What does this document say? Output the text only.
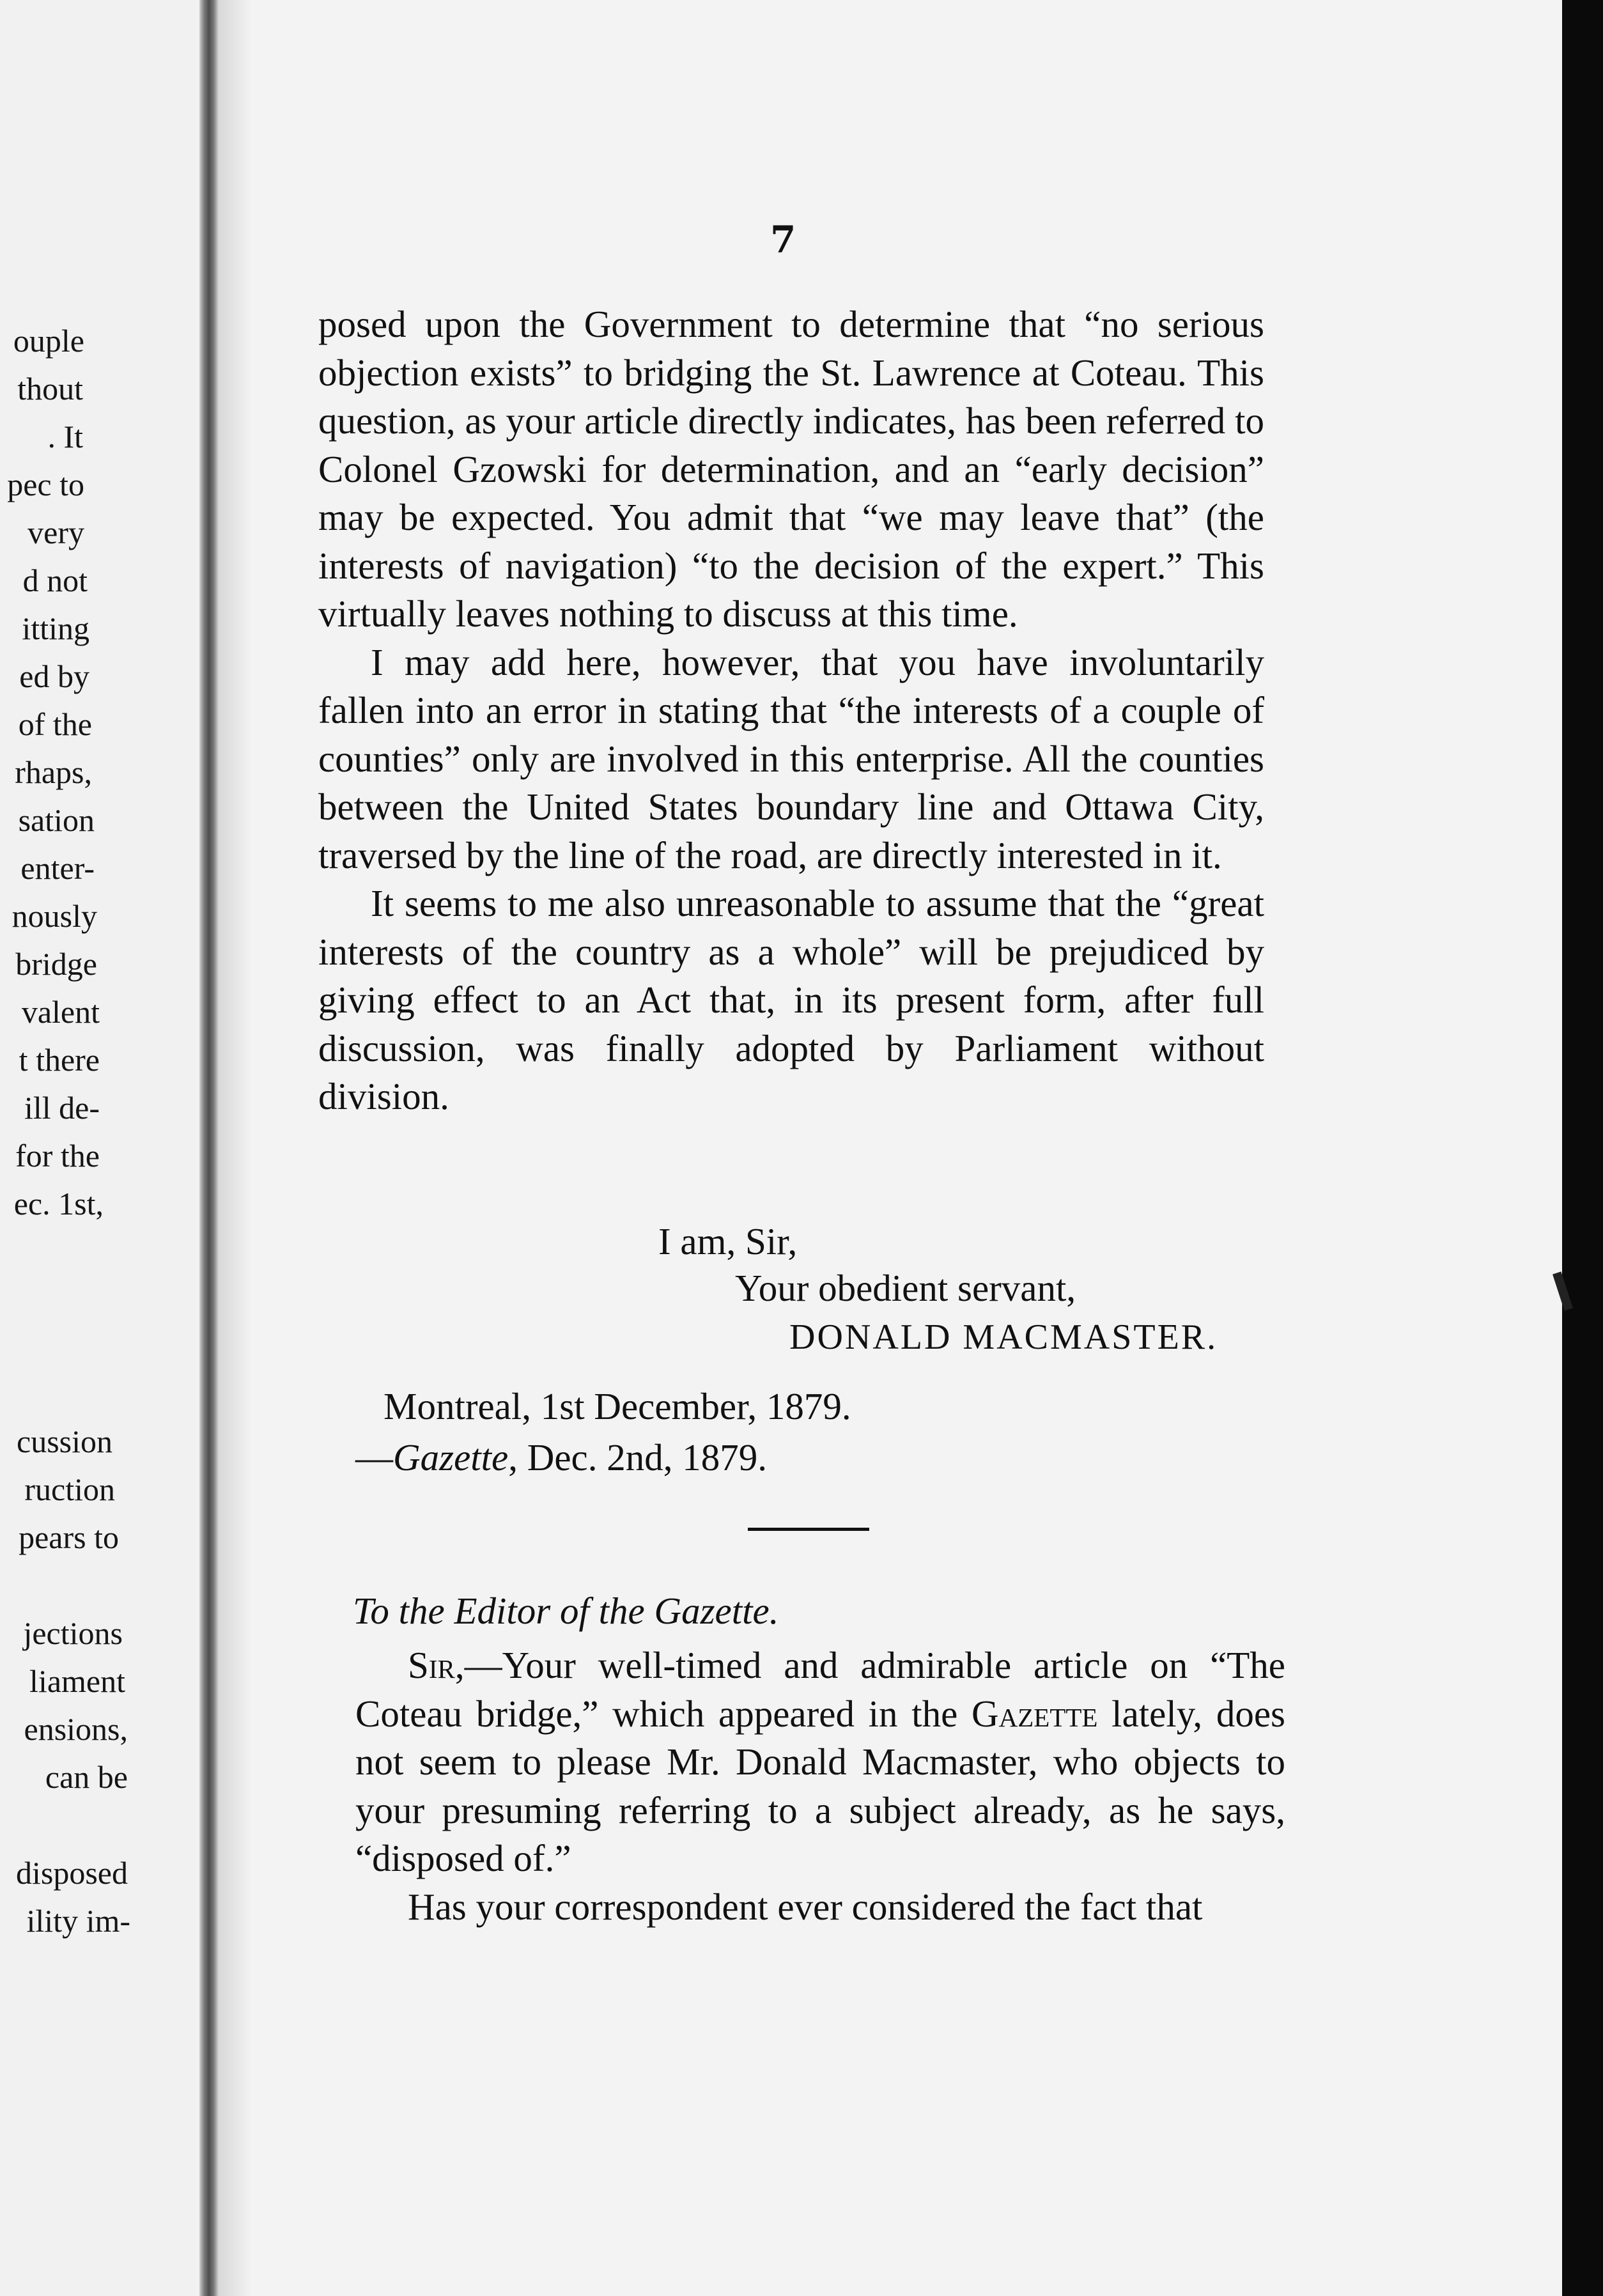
ouple
thout
. It
pec to
very
d not
itting
ed by
of the
rhaps,
sation
enter-
nously
bridge
valent
t there
ill de-
for the
ec. 1st,
cussion
ruction
pears to
jections
liament
ensions,
can be
disposed
ility im-
7

posed upon the Government to determine that “no serious objection exists” to bridging the St. Lawrence at Coteau. This question, as your article directly indicates, has been referred to Colonel Gzowski for determination, and an “early decision” may be expected. You admit that “we may leave that” (the interests of navigation) “to the decision of the expert.” This virtually leaves nothing to discuss at this time.

I may add here, however, that you have involuntarily fallen into an error in stating that “the interests of a couple of counties” only are involved in this enterprise. All the counties between the United States boundary line and Ottawa City, traversed by the line of the road, are directly interested in it.

It seems to me also unreasonable to assume that the “great interests of the country as a whole” will be prejudiced by giving effect to an Act that, in its present form, after full discussion, was finally adopted by Parliament without division.

I am, Sir,
Your obedient servant,
DONALD MACMASTER.
Montreal, 1st December, 1879.
—Gazette, Dec. 2nd, 1879.
To the Editor of the Gazette.

Sir,—Your well-timed and admirable article on “The Coteau bridge,” which appeared in the Gazette lately, does not seem to please Mr. Donald Macmaster, who objects to your presuming referring to a subject already, as he says, “disposed of.”

Has your correspondent ever considered the fact that
